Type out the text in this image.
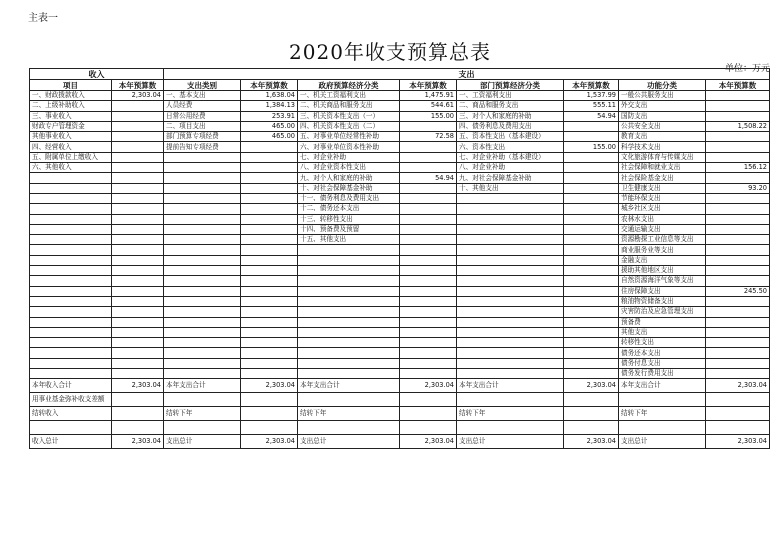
主表一
2020年收支预算总表
单位：万元
收入		支出							
项目	本年预算数	支出类别	本年预算数	政府预算经济分类	本年预算数	部门预算经济分类	本年预算数	功能分类	本年预算数
一、财政拨款收入	2,303.04	一、基本支出	1,638.04	一、机关工资福利支出	1,475.91	一、工资福利支出	1,537.99	一般公共服务支出	
二、上级补助收入		人员经费	1,384.13	二、机关商品和服务支出	544.61	二、商品和服务支出	555.11	外交支出	
三、事业收入		日常公用经费	253.91	三、机关资本性支出（一）	155.00	三、对个人和家庭的补助	54.94	国防支出	
财政专户管理资金		二、项目支出	465.00	四、机关资本性支出（二）		四、债务利息及费用支出		公共安全支出	1,508.22
其他事业收入		部门预算专项经费	465.00	五、对事业单位经常性补助	72.58	五、资本性支出（基本建设）		教育支出	
四、经营收入		提前告知专项经费		六、对事业单位资本性补助		六、资本性支出	155.00	科学技术支出	
五、附属单位上缴收入				七、对企业补助		七、对企业补助（基本建设）		文化旅游体育与传媒支出	
六、其他收入				八、对企业资本性支出		八、对企业补助		社会保障和就业支出	156.12
				九、对个人和家庭的补助	54.94	九、对社会保障基金补助		社会保险基金支出	
				十、对社会保障基金补助		十、其他支出		卫生健康支出	93.20
				十一、债务利息及费用支出				节能环保支出	
				十二、债务还本支出				城乡社区支出	
				十三、转移性支出				农林水支出	
				十四、预备费及预留				交通运输支出	
				十五、其他支出				资源勘探工业信息等支出	
								商业服务业等支出	
								金融支出	
								援助其他地区支出	
								自然资源海洋气象等支出	
								住房保障支出	245.50
								粮油物资储备支出	
								灾害防治及应急管理支出	
								预备费	
								其他支出	
								转移性支出	
								债务还本支出	
								债务付息支出	
								债务发行费用支出	
本年收入合计	2,303.04	本年支出合计	2,303.04	本年支出合计	2,303.04	本年支出合计	2,303.04	本年支出合计	2,303.04
用事业基金弥补收支差额									
结转收入		结转下年		结转下年		结转下年		结转下年	

收入总计	2,303.04	支出总计	2,303.04	支出总计	2,303.04	支出总计	2,303.04	支出总计	2,303.04
